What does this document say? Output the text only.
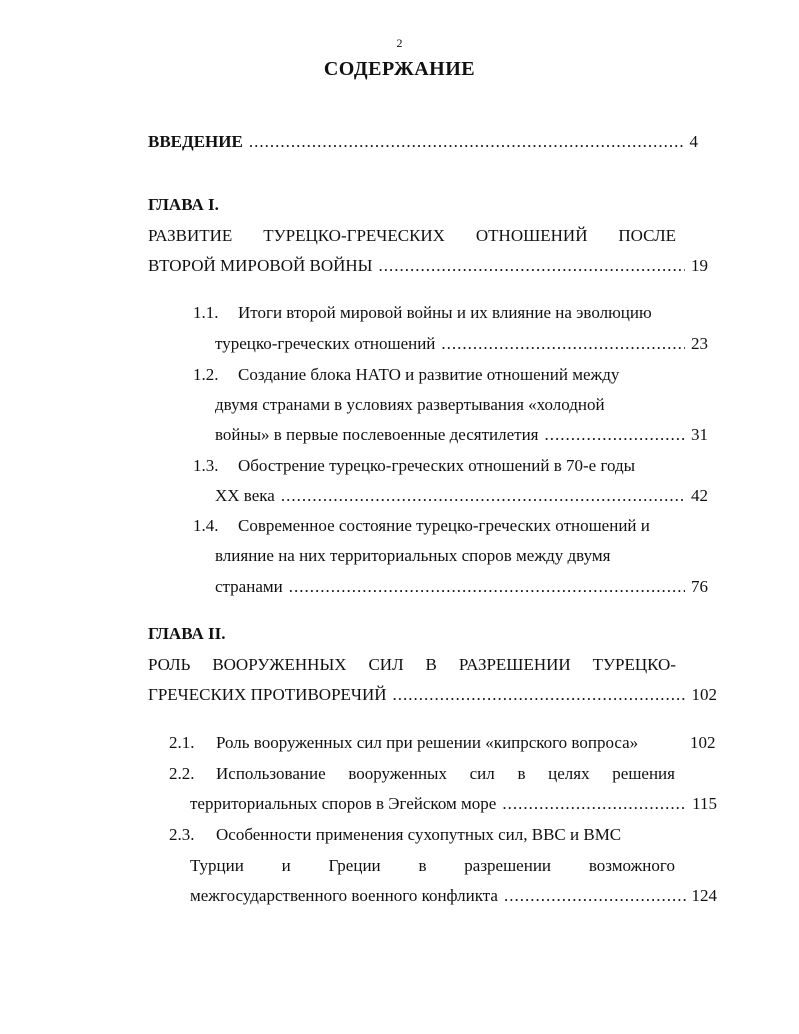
2
СОДЕРЖАНИЕ
ВВЕДЕНИЕ .....	4
ГЛАВА I.
РАЗВИТИЕ ТУРЕЦКО-ГРЕЧЕСКИХ ОТНОШЕНИЙ ПОСЛЕ
ВТОРОЙ МИРОВОЙ ВОЙНЫ .....	19
1.1. Итоги второй мировой войны и их влияние на эволюцию
турецко-греческих отношений .....	23
1.2. Создание блока НАТО и развитие отношений между
двумя странами в условиях развертывания «холодной
войны» в первые послевоенные десятилетия .....	31
1.3. Обострение турецко-греческих отношений в 70-е годы
XX века .....	42
1.4. Современное состояние турецко-греческих отношений и
влияние на них территориальных споров между двумя
странами .....	76
ГЛАВА II.
РОЛЬ ВООРУЖЕННЫХ СИЛ В РАЗРЕШЕНИИ ТУРЕЦКО-
ГРЕЧЕСКИХ ПРОТИВОРЕЧИЙ .....	102
2.1. Роль вооруженных сил при решении «кипрского вопроса»	102
2.2. Использование вооруженных сил в целях решения
территориальных споров в Эгейском море .....	115
2.3. Особенности применения сухопутных сил, ВВС и ВМС
Турции и Греции в разрешении возможного
межгосударственного военного конфликта .....	124
